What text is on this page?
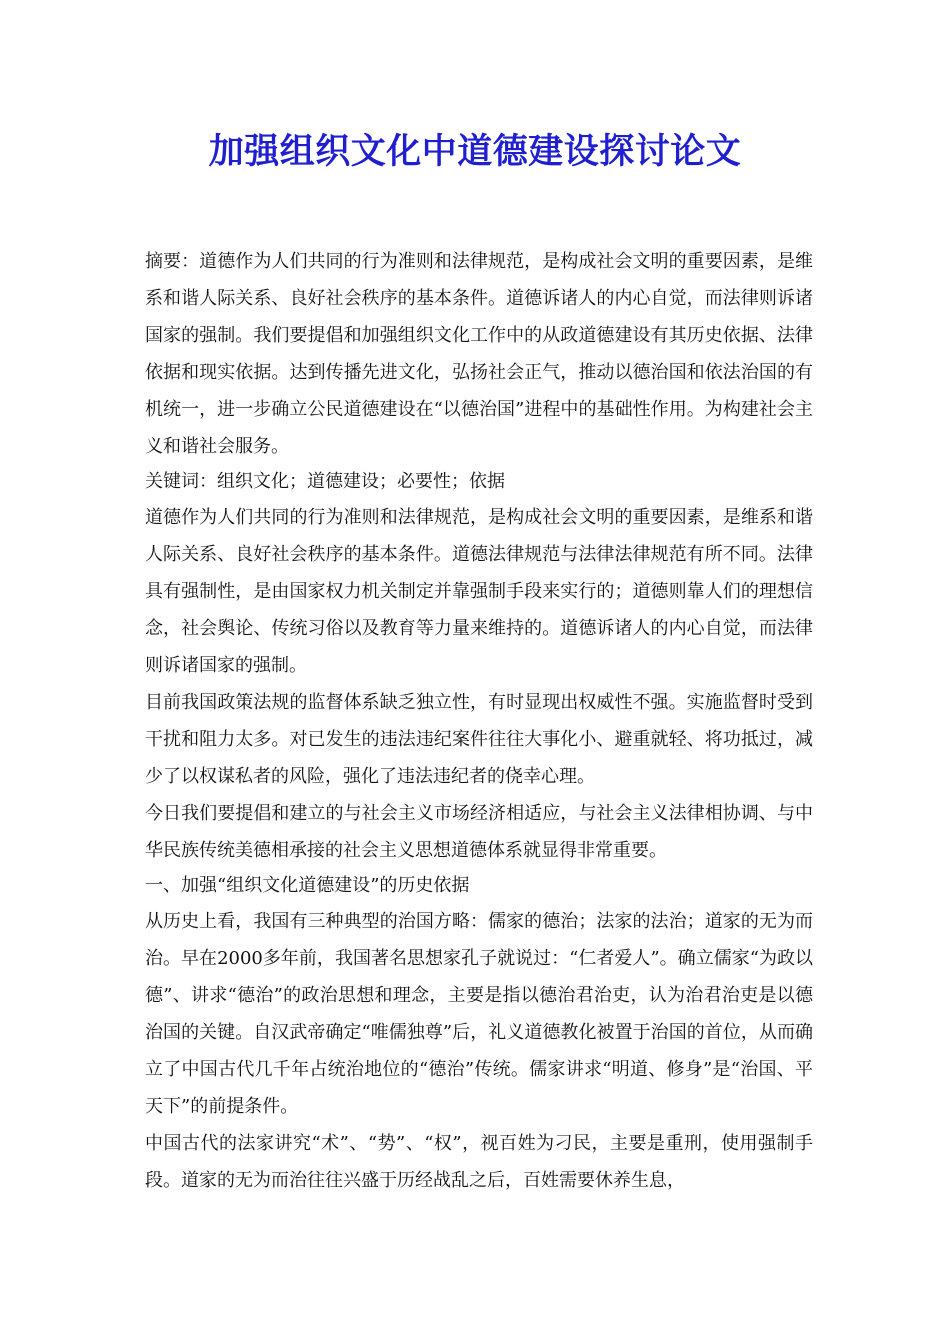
加强组织文化中道德建设探讨论文

摘要：道德作为人们共同的行为准则和法律规范，是构成社会文明的重要因素，是维系和谐人际关系、良好社会秩序的基本条件。道德诉诸人的内心自觉，而法律则诉诸国家的强制。我们要提倡和加强组织文化工作中的从政道德建设有其历史依据、法律依据和现实依据。达到传播先进文化，弘扬社会正气，推动以德治国和依法治国的有机统一，进一步确立公民道德建设在“以德治国”进程中的基础性作用。为构建社会主义和谐社会服务。

关键词：组织文化；道德建设；必要性；依据

道德作为人们共同的行为准则和法律规范，是构成社会文明的重要因素，是维系和谐人际关系、良好社会秩序的基本条件。道德法律规范与法律法律规范有所不同。法律具有强制性，是由国家权力机关制定并靠强制手段来实行的；道德则靠人们的理想信念，社会舆论、传统习俗以及教育等力量来维持的。道德诉诸人的内心自觉，而法律则诉诸国家的强制。

目前我国政策法规的监督体系缺乏独立性，有时显现出权威性不强。实施监督时受到干扰和阻力太多。对已发生的违法违纪案件往往大事化小、避重就轻、将功抵过，减少了以权谋私者的风险，强化了违法违纪者的侥幸心理。

今日我们要提倡和建立的与社会主义市场经济相适应，与社会主义法律相协调、与中华民族传统美德相承接的社会主义思想道德体系就显得非常重要。

一、加强“组织文化道德建设”的历史依据

从历史上看，我国有三种典型的治国方略：儒家的德治；法家的法治；道家的无为而治。早在2000多年前，我国著名思想家孔子就说过：“仁者爱人”。确立儒家“为政以德”、讲求“德治”的政治思想和理念，主要是指以德治君治吏，认为治君治吏是以德治国的关键。自汉武帝确定“唯儒独尊”后，礼义道德教化被置于治国的首位，从而确立了中国古代几千年占统治地位的“德治”传统。儒家讲求“明道、修身”是“治国、平天下”的前提条件。

中国古代的法家讲究“术”、“势”、“权”，视百姓为刁民，主要是重刑，使用强制手段。道家的无为而治往往兴盛于历经战乱之后，百姓需要休养生息，
